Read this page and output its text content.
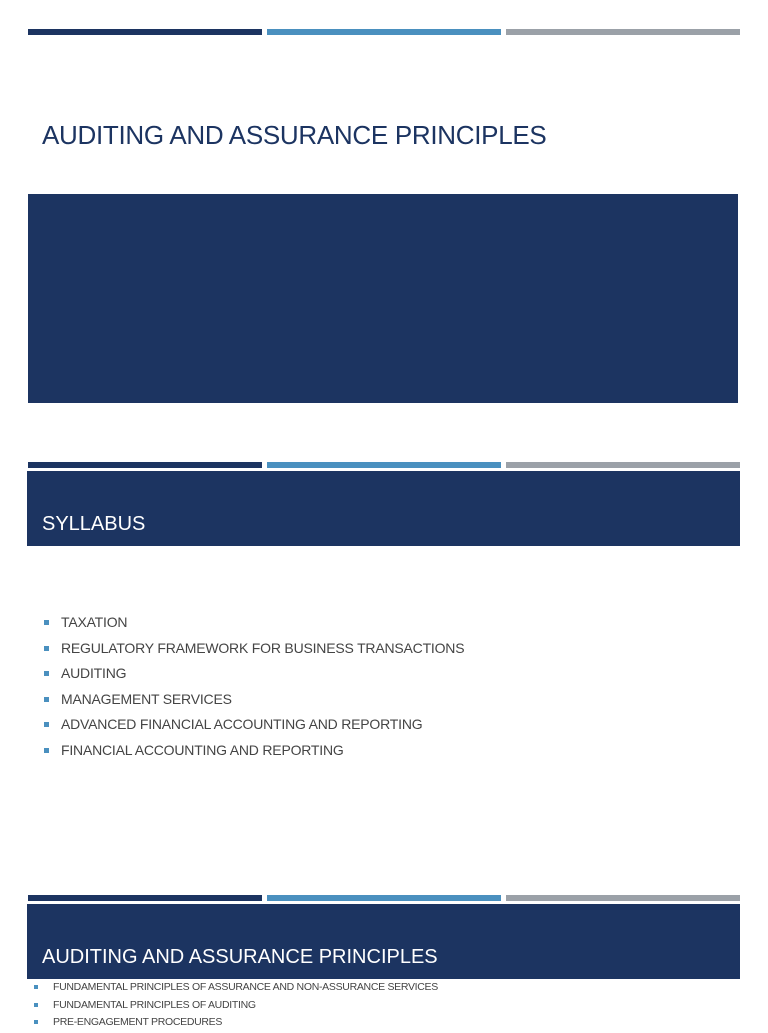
AUDITING AND ASSURANCE PRINCIPLES
SYLLABUS
TAXATION
REGULATORY FRAMEWORK FOR BUSINESS TRANSACTIONS
AUDITING
MANAGEMENT SERVICES
ADVANCED FINANCIAL ACCOUNTING AND REPORTING
FINANCIAL ACCOUNTING AND REPORTING
AUDITING AND ASSURANCE PRINCIPLES
FUNDAMENTAL PRINCIPLES OF ASSURANCE AND NON-ASSURANCE SERVICES
FUNDAMENTAL PRINCIPLES OF AUDITING
PRE-ENGAGEMENT PROCEDURES
